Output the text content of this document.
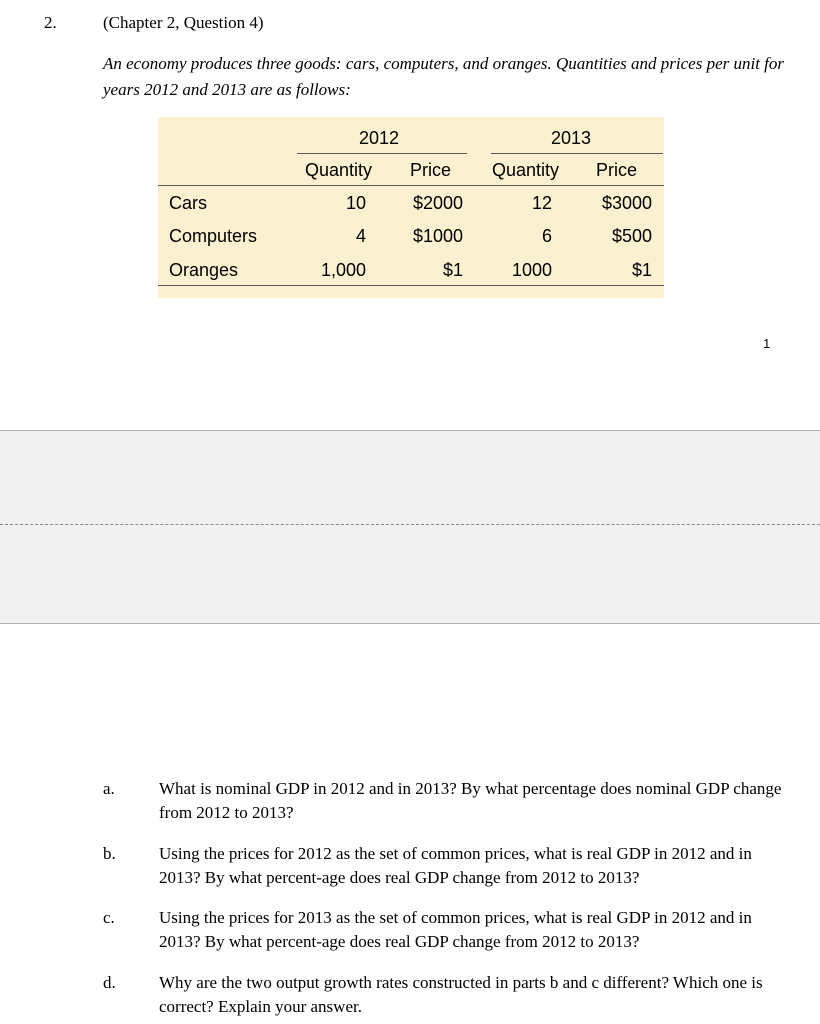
2.	(Chapter 2, Question 4)
An economy produces three goods: cars, computers, and oranges. Quantities and prices per unit for years 2012 and 2013 are as follows:
2012	2013
Quantity Price Quantity Price
Cars	10	$2000	12	$3000
Computers	4	$1000	6	$500
Oranges	1,000	$1	1000	$1
1
a.	What is nominal GDP in 2012 and in 2013? By what percentage does nominal GDP change from 2012 to 2013?
b.	Using the prices for 2012 as the set of common prices, what is real GDP in 2012 and in 2013? By what percent-age does real GDP change from 2012 to 2013?
c.	Using the prices for 2013 as the set of common prices, what is real GDP in 2012 and in 2013? By what percent-age does real GDP change from 2012 to 2013?
d.	Why are the two output growth rates constructed in parts b and c different? Which one is correct? Explain your answer.
